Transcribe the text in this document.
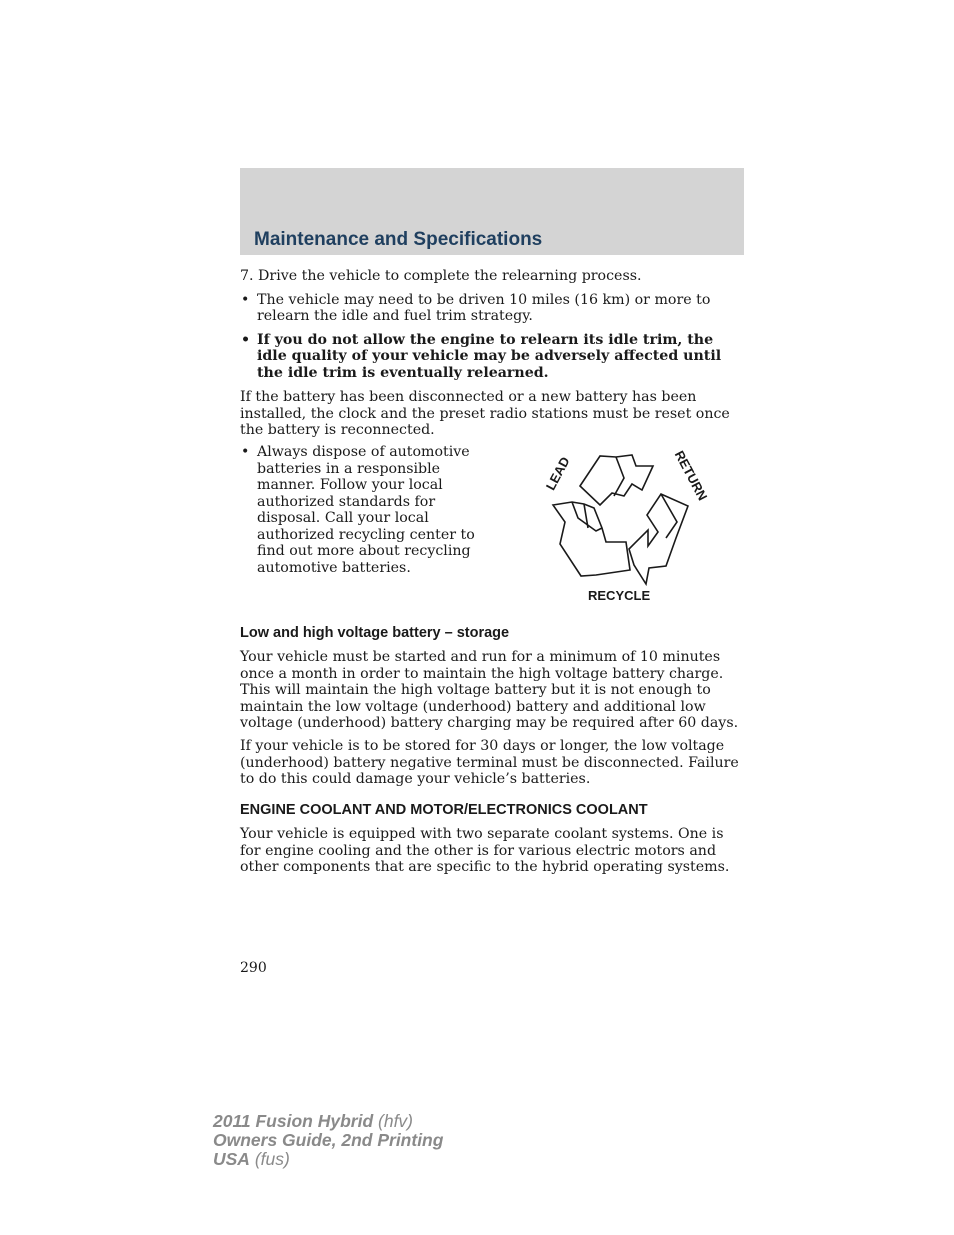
Maintenance and Specifications

7. Drive the vehicle to complete the relearning process.

• The vehicle may need to be driven 10 miles (16 km) or more to relearn the idle and fuel trim strategy.

• If you do not allow the engine to relearn its idle trim, the idle quality of your vehicle may be adversely affected until the idle trim is eventually relearned.

If the battery has been disconnected or a new battery has been installed, the clock and the preset radio stations must be reset once the battery is reconnected.

• Always dispose of automotive batteries in a responsible manner. Follow your local authorized standards for disposal. Call your local authorized recycling center to find out more about recycling automotive batteries.

LEAD	RETURN
RECYCLE
Low and high voltage battery – storage
Your vehicle must be started and run for a minimum of 10 minutes once a month in order to maintain the high voltage battery charge. This will maintain the high voltage battery but it is not enough to maintain the low voltage (underhood) battery and additional low voltage (underhood) battery charging may be required after 60 days.
If your vehicle is to be stored for 30 days or longer, the low voltage (underhood) battery negative terminal must be disconnected. Failure to do this could damage your vehicle’s batteries.
ENGINE COOLANT AND MOTOR/ELECTRONICS COOLANT
Your vehicle is equipped with two separate coolant systems. One is for engine cooling and the other is for various electric motors and other components that are specific to the hybrid operating systems.
290
2011 Fusion Hybrid (hfv)
Owners Guide, 2nd Printing
USA (fus)
